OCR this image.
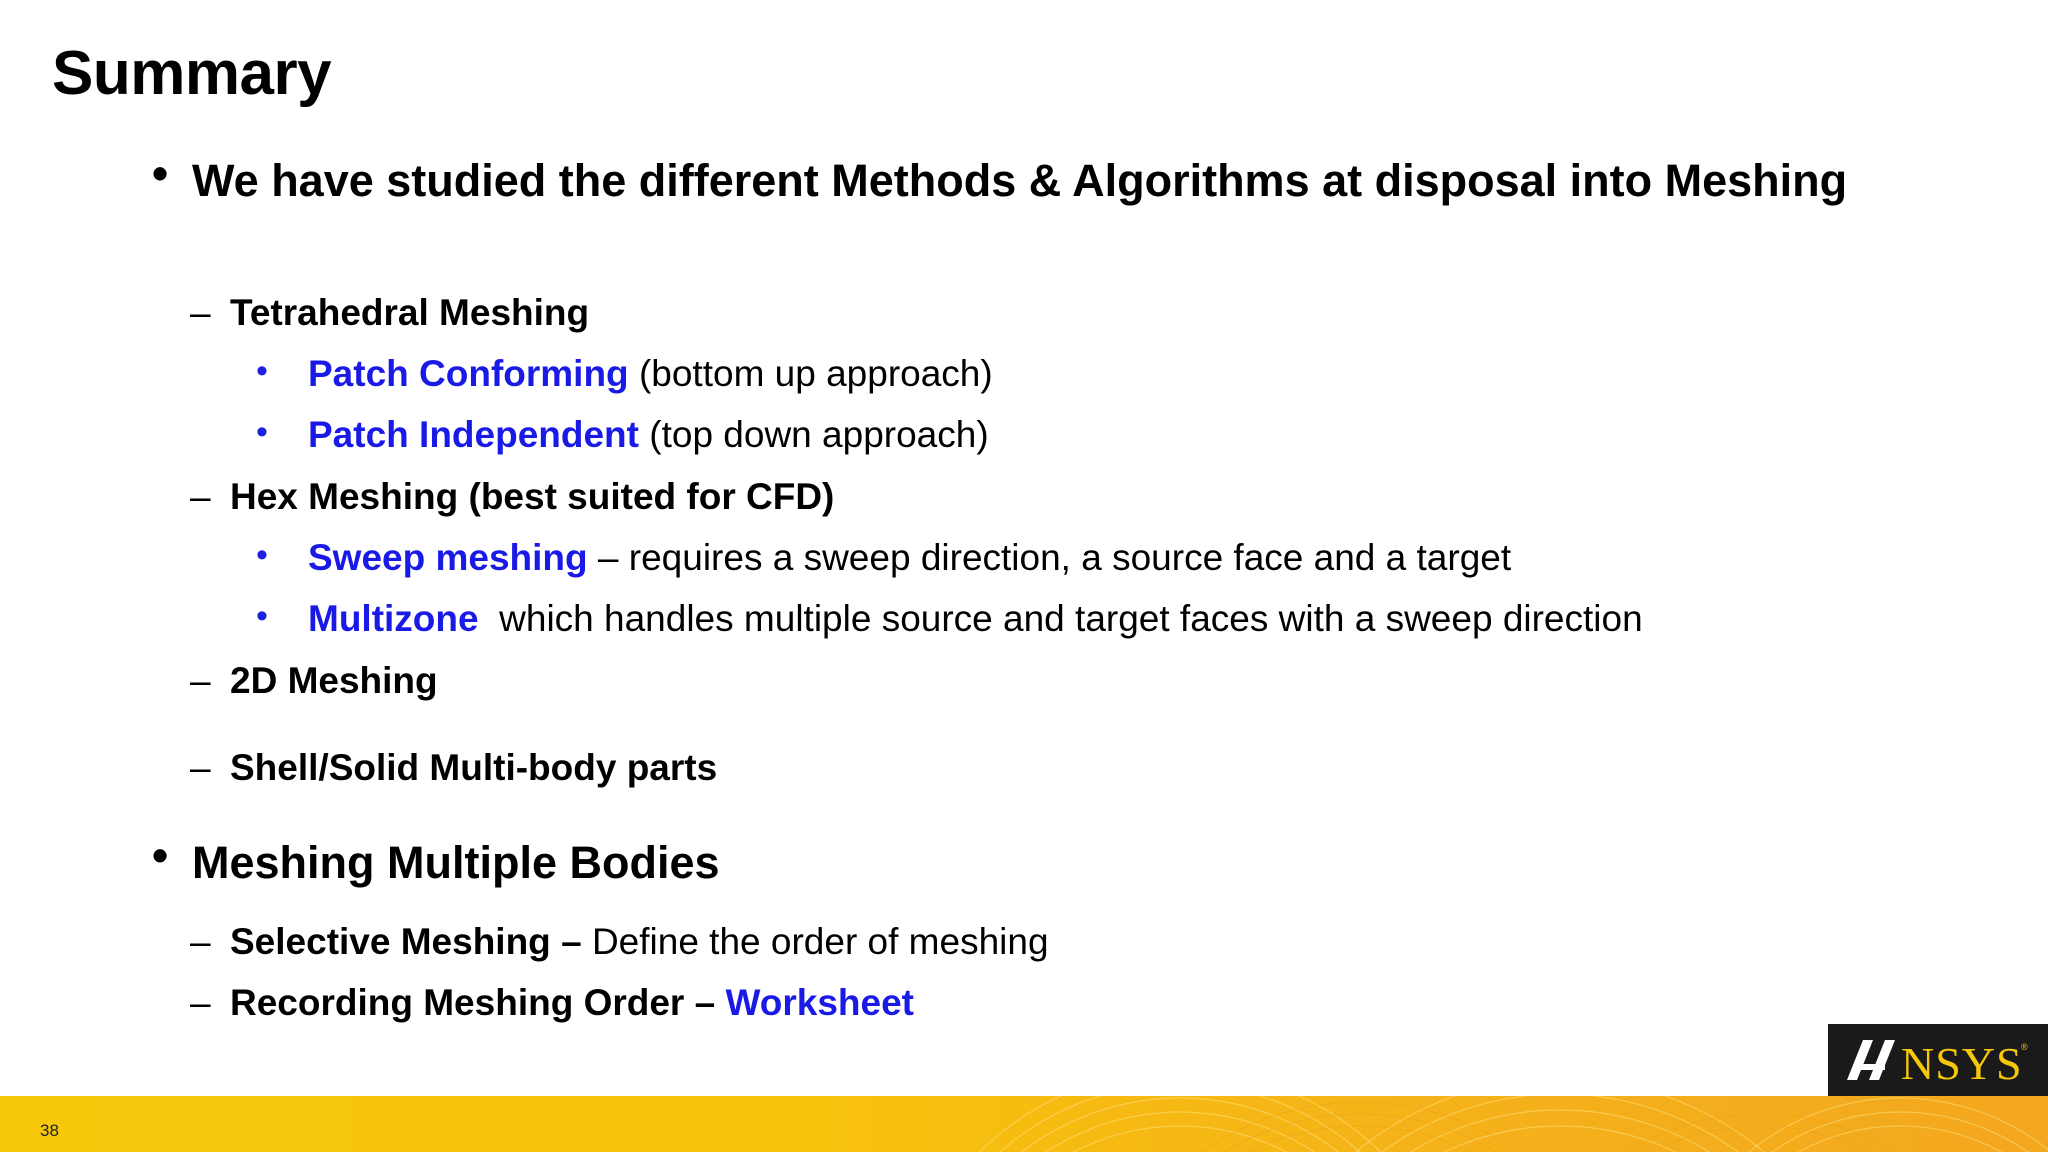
Summary
• We have studied the different Methods & Algorithms at disposal into Meshing
– Tetrahedral Meshing
• Patch Conforming (bottom up approach)
• Patch Independent (top down approach)
– Hex Meshing (best suited for CFD)
• Sweep meshing – requires a sweep direction, a source face and a target
• Multizone  which handles multiple source and target faces with a sweep direction
– 2D Meshing
– Shell/Solid Multi-body parts
• Meshing Multiple Bodies
– Selective Meshing – Define the order of meshing
– Recording Meshing Order – Worksheet
NSYS
®
38
